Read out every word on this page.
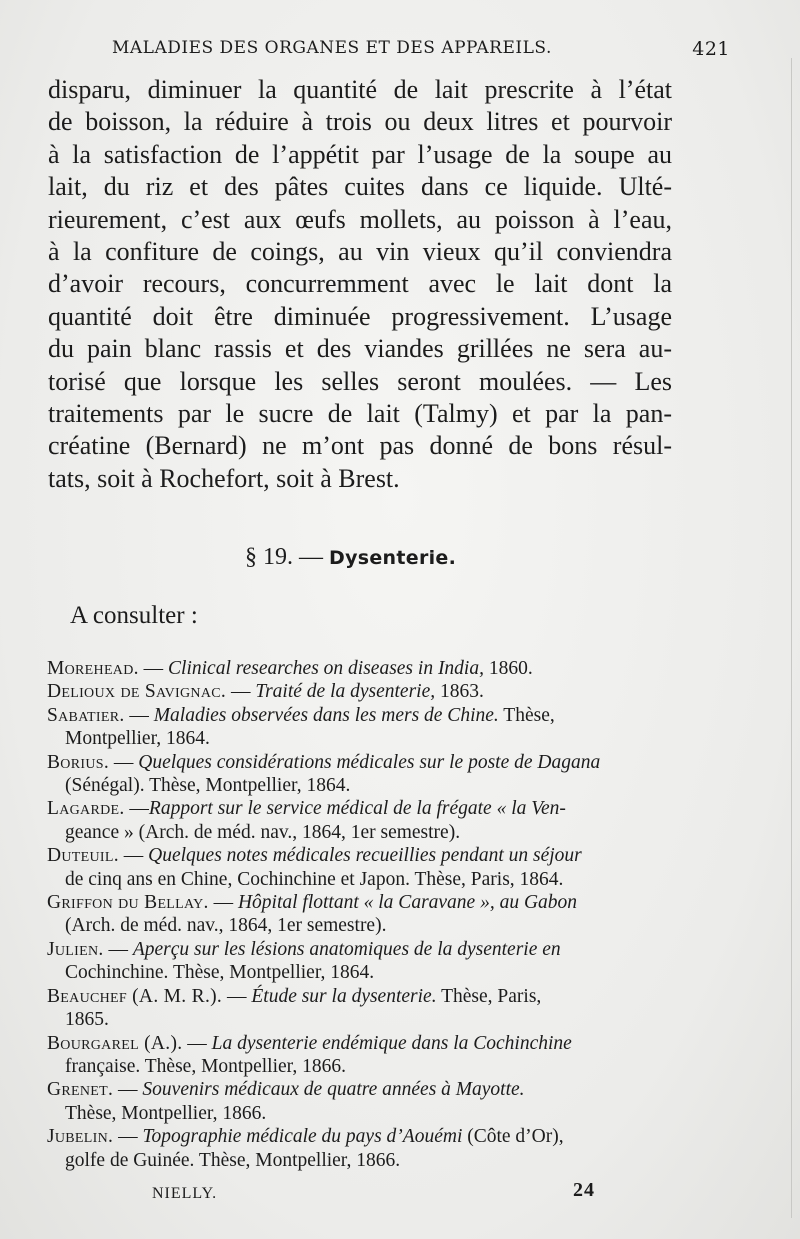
MALADIES DES ORGANES ET DES APPAREILS.	421
disparu, diminuer la quantité de lait prescrite à l’état
de boisson, la réduire à trois ou deux litres et pourvoir
à la satisfaction de l’appétit par l’usage de la soupe au
lait, du riz et des pâtes cuites dans ce liquide. Ulté-
rieurement, c’est aux œufs mollets, au poisson à l’eau,
à la confiture de coings, au vin vieux qu’il conviendra
d’avoir recours, concurremment avec le lait dont la
quantité doit être diminuée progressivement. L’usage
du pain blanc rassis et des viandes grillées ne sera au-
torisé que lorsque les selles seront moulées. — Les
traitements par le sucre de lait (Talmy) et par la pan-
créatine (Bernard) ne m’ont pas donné de bons résul-
tats, soit à Rochefort, soit à Brest.
§ 19. — Dysenterie.
A consulter :
Morehead. — Clinical researches on diseases in India, 1860.
Delioux de Savignac. — Traité de la dysenterie, 1863.
Sabatier. — Maladies observées dans les mers de Chine. Thèse,
Montpellier, 1864.
Borius. — Quelques considérations médicales sur le poste de Dagana
(Sénégal). Thèse, Montpellier, 1864.
Lagarde. —Rapport sur le service médical de la frégate « la Ven-
geance » (Arch. de méd. nav., 1864, 1er semestre).
Duteuil. — Quelques notes médicales recueillies pendant un séjour
de cinq ans en Chine, Cochinchine et Japon. Thèse, Paris, 1864.
Griffon du Bellay. — Hôpital flottant « la Caravane », au Gabon
(Arch. de méd. nav., 1864, 1er semestre).
Julien. — Aperçu sur les lésions anatomiques de la dysenterie en
Cochinchine. Thèse, Montpellier, 1864.
Beauchef (A. M. R.). — Étude sur la dysenterie. Thèse, Paris,
1865.
Bourgarel (A.). — La dysenterie endémique dans la Cochinchine
française. Thèse, Montpellier, 1866.
Grenet. — Souvenirs médicaux de quatre années à Mayotte.
Thèse, Montpellier, 1866.
Jubelin. — Topographie médicale du pays d’Aouémi (Côte d’Or),
golfe de Guinée. Thèse, Montpellier, 1866.
NIELLY.	24
